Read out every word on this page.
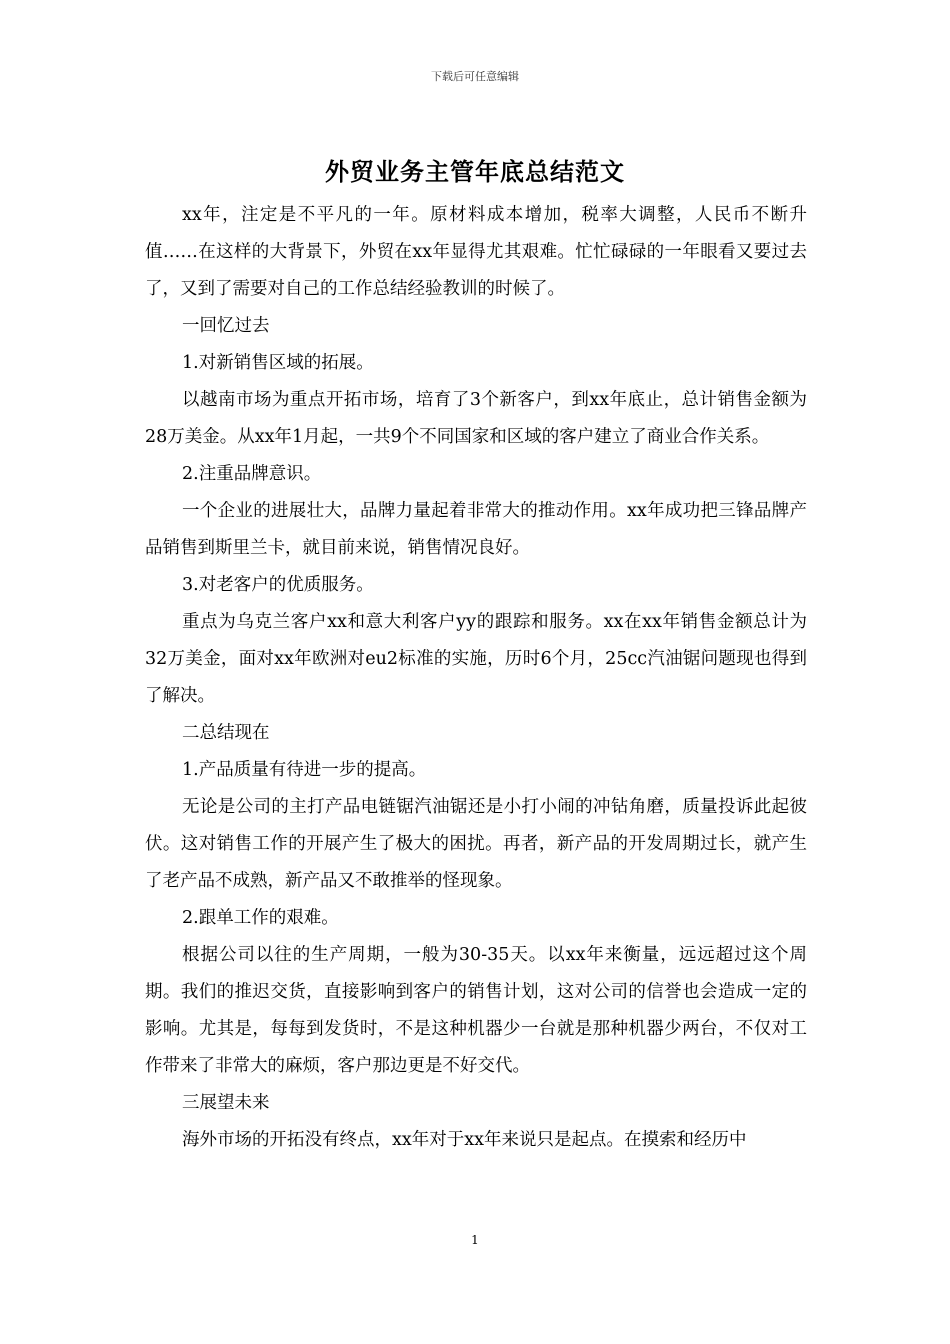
下载后可任意编辑
外贸业务主管年底总结范文

xx年，注定是不平凡的一年。原材料成本增加，税率大调整，人民币不断升值……在这样的大背景下，外贸在xx年显得尤其艰难。忙忙碌碌的一年眼看又要过去了，又到了需要对自己的工作总结经验教训的时候了。

一回忆过去

1.对新销售区域的拓展。

以越南市场为重点开拓市场，培育了3个新客户，到xx年底止，总计销售金额为28万美金。从xx年1月起，一共9个不同国家和区域的客户建立了商业合作关系。

2.注重品牌意识。

一个企业的进展壮大，品牌力量起着非常大的推动作用。xx年成功把三锋品牌产品销售到斯里兰卡，就目前来说，销售情况良好。

3.对老客户的优质服务。

重点为乌克兰客户xx和意大利客户yy的跟踪和服务。xx在xx年销售金额总计为32万美金，面对xx年欧洲对eu2标准的实施，历时6个月，25cc汽油锯问题现也得到了解决。

二总结现在

1.产品质量有待进一步的提高。

无论是公司的主打产品电链锯汽油锯还是小打小闹的冲钻角磨，质量投诉此起彼伏。这对销售工作的开展产生了极大的困扰。再者，新产品的开发周期过长，就产生了老产品不成熟，新产品又不敢推举的怪现象。

2.跟单工作的艰难。

根据公司以往的生产周期，一般为30-35天。以xx年来衡量，远远超过这个周期。我们的推迟交货，直接影响到客户的销售计划，这对公司的信誉也会造成一定的影响。尤其是，每每到发货时，不是这种机器少一台就是那种机器少两台，不仅对工作带来了非常大的麻烦，客户那边更是不好交代。

三展望未来

海外市场的开拓没有终点，xx年对于xx年来说只是起点。在摸索和经历中

1
